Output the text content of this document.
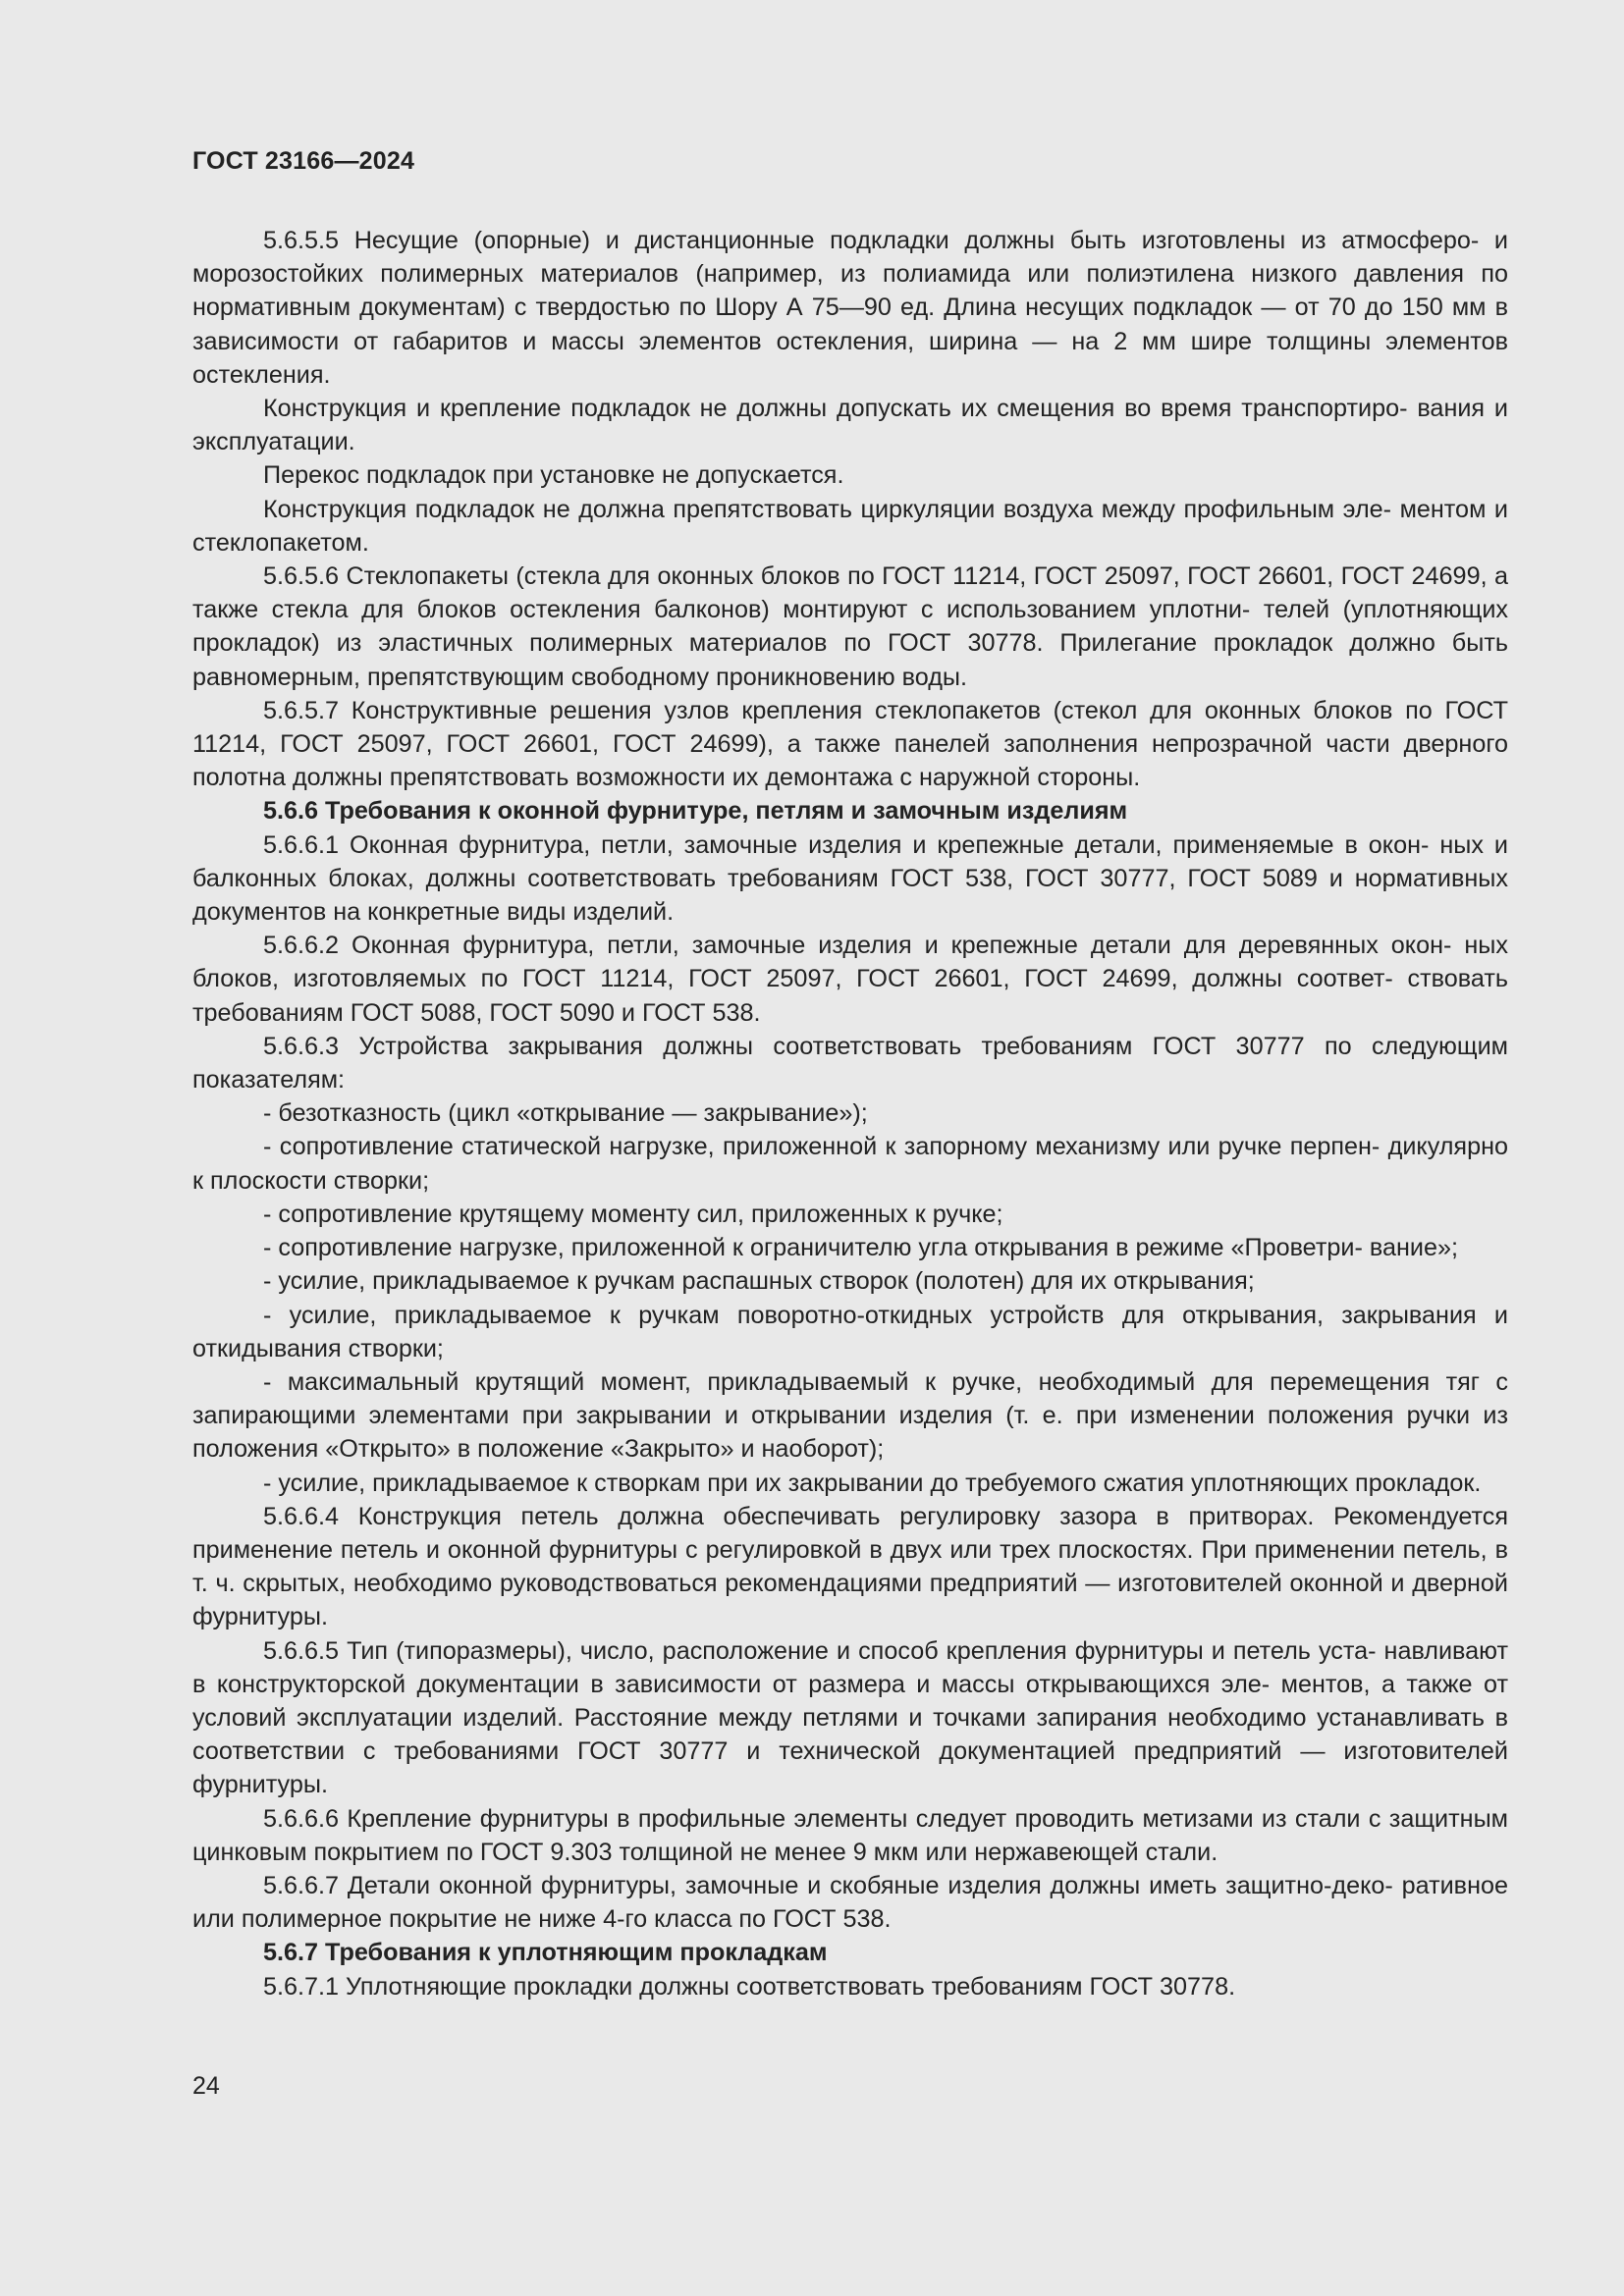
ГОСТ 23166—2024

5.6.5.5 Несущие (опорные) и дистанционные подкладки должны быть изготовлены из атмосферо- и морозостойких полимерных материалов (например, из полиамида или полиэтилена низкого давления по нормативным документам) с твердостью по Шору А 75—90 ед. Длина несущих подкладок — от 70 до 150 мм в зависимости от габаритов и массы элементов остекления, ширина — на 2 мм шире толщины элементов остекления.

Конструкция и крепление подкладок не должны допускать их смещения во время транспортиро- вания и эксплуатации.

Перекос подкладок при установке не допускается.

Конструкция подкладок не должна препятствовать циркуляции воздуха между профильным эле- ментом и стеклопакетом.

5.6.5.6 Стеклопакеты (стекла для оконных блоков по ГОСТ 11214, ГОСТ 25097, ГОСТ 26601, ГОСТ 24699, а также стекла для блоков остекления балконов) монтируют с использованием уплотни- телей (уплотняющих прокладок) из эластичных полимерных материалов по ГОСТ 30778. Прилегание прокладок должно быть равномерным, препятствующим свободному проникновению воды.

5.6.5.7 Конструктивные решения узлов крепления стеклопакетов (стекол для оконных блоков по ГОСТ 11214, ГОСТ 25097, ГОСТ 26601, ГОСТ 24699), а также панелей заполнения непрозрачной части дверного полотна должны препятствовать возможности их демонтажа с наружной стороны.

5.6.6 Требования к оконной фурнитуре, петлям и замочным изделиям

5.6.6.1 Оконная фурнитура, петли, замочные изделия и крепежные детали, применяемые в окон- ных и балконных блоках, должны соответствовать требованиям ГОСТ 538, ГОСТ 30777, ГОСТ 5089 и нормативных документов на конкретные виды изделий.

5.6.6.2 Оконная фурнитура, петли, замочные изделия и крепежные детали для деревянных окон- ных блоков, изготовляемых по ГОСТ 11214, ГОСТ 25097, ГОСТ 26601, ГОСТ 24699, должны соответ- ствовать требованиям ГОСТ 5088, ГОСТ 5090 и ГОСТ 538.

5.6.6.3 Устройства закрывания должны соответствовать требованиям ГОСТ 30777 по следующим показателям:

- безотказность (цикл «открывание — закрывание»);

- сопротивление статической нагрузке, приложенной к запорному механизму или ручке перпен- дикулярно к плоскости створки;

- сопротивление крутящему моменту сил, приложенных к ручке;

- сопротивление нагрузке, приложенной к ограничителю угла открывания в режиме «Проветри- вание»;

- усилие, прикладываемое к ручкам распашных створок (полотен) для их открывания;

- усилие, прикладываемое к ручкам поворотно-откидных устройств для открывания, закрывания и откидывания створки;

- максимальный крутящий момент, прикладываемый к ручке, необходимый для перемещения тяг с запирающими элементами при закрывании и открывании изделия (т. е. при изменении положения ручки из положения «Открыто» в положение «Закрыто» и наоборот);

- усилие, прикладываемое к створкам при их закрывании до требуемого сжатия уплотняющих прокладок.

5.6.6.4 Конструкция петель должна обеспечивать регулировку зазора в притворах. Рекомендуется применение петель и оконной фурнитуры с регулировкой в двух или трех плоскостях. При применении петель, в т. ч. скрытых, необходимо руководствоваться рекомендациями предприятий — изготовителей оконной и дверной фурнитуры.

5.6.6.5 Тип (типоразмеры), число, расположение и способ крепления фурнитуры и петель уста- навливают в конструкторской документации в зависимости от размера и массы открывающихся эле- ментов, а также от условий эксплуатации изделий. Расстояние между петлями и точками запирания необходимо устанавливать в соответствии с требованиями ГОСТ 30777 и технической документацией предприятий — изготовителей фурнитуры.

5.6.6.6 Крепление фурнитуры в профильные элементы следует проводить метизами из стали с защитным цинковым покрытием по ГОСТ 9.303 толщиной не менее 9 мкм или нержавеющей стали.

5.6.6.7 Детали оконной фурнитуры, замочные и скобяные изделия должны иметь защитно-деко- ративное или полимерное покрытие не ниже 4-го класса по ГОСТ 538.

5.6.7 Требования к уплотняющим прокладкам

5.6.7.1 Уплотняющие прокладки должны соответствовать требованиям ГОСТ 30778.

24
